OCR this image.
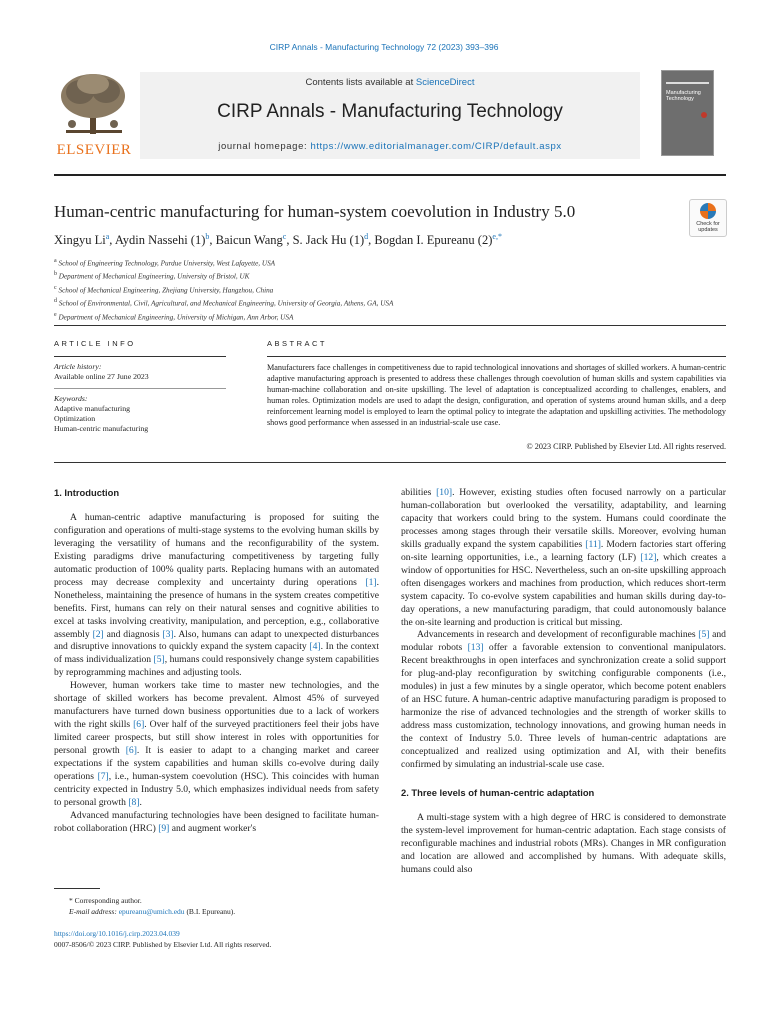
CIRP Annals - Manufacturing Technology 72 (2023) 393–396
ELSEVIER
Contents lists available at ScienceDirect
CIRP Annals - Manufacturing Technology
journal homepage: https://www.editorialmanager.com/CIRP/default.aspx
Manufacturing Technology
Human-centric manufacturing for human-system coevolution in Industry 5.0
Check for updates
Xingyu Li$^a$, Aydin Nassehi $(1)^b$, Baicun Wang$^c$, S. Jack Hu $(1)^d$, Bogdan I. Epureanu $(2)^{e,*}$
$^a$ School of Engineering Technology, Purdue University, West Lafayette, USA
$^b$ Department of Mechanical Engineering, University of Bristol, UK
$^c$ School of Mechanical Engineering, Zhejiang University, Hangzhou, China
$^d$ School of Environmental, Civil, Agricultural, and Mechanical Engineering, University of Georgia, Athens, GA, USA
$^e$ Department of Mechanical Engineering, University of Michigan, Ann Arbor, USA
ARTICLE INFO	ABSTRACT
Article history:
Available online 27 June 2023
Keywords:
Adaptive manufacturing
Optimization
Human-centric manufacturing
Manufacturers face challenges in competitiveness due to rapid technological innovations and shortages of skilled workers. A human-centric adaptive manufacturing approach is presented to address these challenges through coevolution of human skills and system capabilities via human-machine collaboration and on-site upskilling. The level of adaptation is conceptualized according to challenges, enablers, and human roles. Optimization models are used to adapt the design, configuration, and operation of systems around human skills, and a deep reinforcement learning model is employed to learn the optimal policy to integrate the adaptation and upskilling activities. The methodology shows good performance when assessed in an industrial-scale use case.
© 2023 CIRP. Published by Elsevier Ltd. All rights reserved.
1. Introduction

A human-centric adaptive manufacturing is proposed for suiting the configuration and operations of multi-stage systems to the evolving human skills by leveraging the versatility of humans and the reconfigurability of the system. Existing paradigms drive manufacturing competitiveness by targeting fully automatic production of 100% quality parts. Replacing humans with an automated process may decrease complexity and uncertainty during operations [1]. Nonetheless, maintaining the presence of humans in the system creates competitive benefits. First, humans can rely on their natural senses and cognitive abilities to excel at tasks involving creativity, manipulation, and perception, e.g., collaborative assembly [2] and diagnosis [3]. Also, humans can adapt to unexpected disturbances and disruptive innovations to quickly expand the system capacity [4]. In the context of mass individualization [5], humans could responsively change system capabilities by reprogramming machines and adjusting tools.

However, human workers take time to master new technologies, and the shortage of skilled workers has become prevalent. Almost 45% of surveyed manufacturers have turned down business opportunities due to a lack of workers with the right skills [6]. Over half of the surveyed practitioners feel their jobs have limited career prospects, but still show interest in roles with opportunities for personal growth [6]. It is easier to adapt to a changing market and career expectations if the system capabilities and human skills co-evolve during daily operations [7], i.e., human-system coevolution (HSC). This coincides with human centricity expected in Industry 5.0, which emphasizes individual needs from safety to personal growth [8].

Advanced manufacturing technologies have been designed to facilitate human-robot collaboration (HRC) [9] and augment worker's

abilities [10]. However, existing studies often focused narrowly on a particular human-collaboration but overlooked the versatility, adaptability, and learning capacity that workers could bring to the system. Humans could coordinate the processes among stages through their versatile skills. Moreover, evolving human skills gradually expand the system capabilities [11]. Modern factories start offering on-site learning opportunities, i.e., a learning factory (LF) [12], which creates a window of opportunities for HSC. Nevertheless, such an on-site upskilling approach often disengages workers and machines from production, which reduces short-term system capacity. To co-evolve system capabilities and human skills during day-to-day operations, a new manufacturing paradigm, that could autonomously balance the on-site learning and production is critical but missing.

Advancements in research and development of reconfigurable machines [5] and modular robots [13] offer a favorable extension to conventional manipulators. Recent breakthroughs in open interfaces and synchronization create a solid support for plug-and-play reconfiguration by switching configurable components (i.e., modules) in just a few minutes by a single operator, which become potent enablers of an HSC future. A human-centric adaptive manufacturing paradigm is proposed to harmonize the rise of advanced technologies and the strength of worker skills to address mass customization, technology innovations, and growing human needs in the context of Industry 5.0. Three levels of human-centric adaptations are conceptualized and realized using optimization and AI, with their benefits confirmed by simulating an industrial-scale use case.

2. Three levels of human-centric adaptation

A multi-stage system with a high degree of HRC is considered to demonstrate the system-level improvement for human-centric adaptation. Each stage consists of reconfigurable machines and industrial robots (MRs). Changes in MR configuration and location are allowed and accomplished by humans. With adequate skills, humans could also

* Corresponding author.
E-mail address: epureanu@umich.edu (B.I. Epureanu).
https://doi.org/10.1016/j.cirp.2023.04.039
0007-8506/© 2023 CIRP. Published by Elsevier Ltd. All rights reserved.
